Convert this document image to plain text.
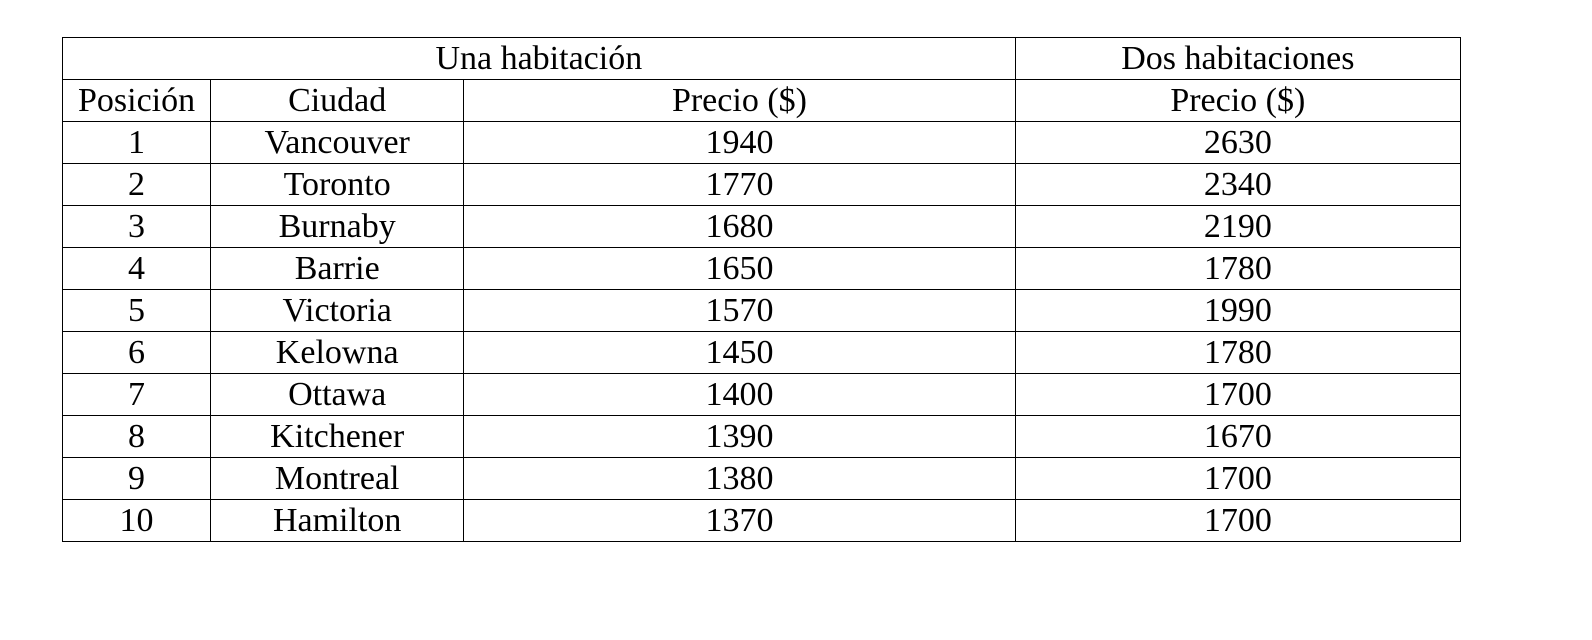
Una habitación			Dos habitaciones
Posición	Ciudad	Precio ($)	Precio ($)
1	Vancouver	1940	2630
2	Toronto	1770	2340
3	Burnaby	1680	2190
4	Barrie	1650	1780
5	Victoria	1570	1990
6	Kelowna	1450	1780
7	Ottawa	1400	1700
8	Kitchener	1390	1670
9	Montreal	1380	1700
10	Hamilton	1370	1700
